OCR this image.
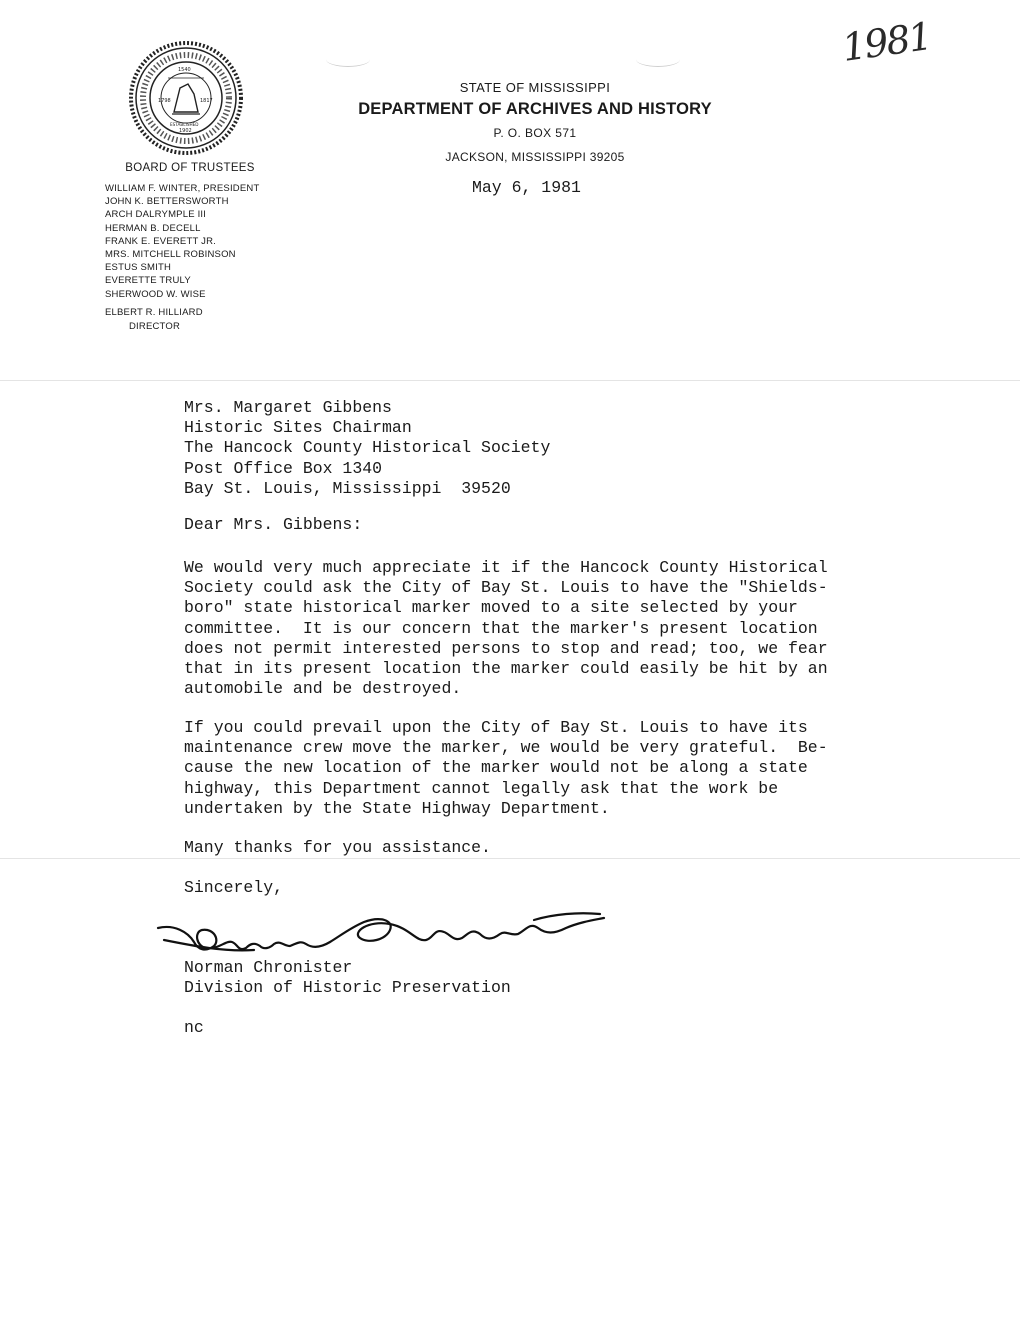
1981
1540
1798	1817
ESTABLISHED
1902
BOARD OF TRUSTEES
WILLIAM F. WINTER, PRESIDENT
JOHN K. BETTERSWORTH
ARCH DALRYMPLE III
HERMAN B. DECELL
FRANK E. EVERETT JR.
MRS. MITCHELL ROBINSON
ESTUS SMITH
EVERETTE TRULY
SHERWOOD W. WISE
ELBERT R. HILLIARD
DIRECTOR
STATE OF MISSISSIPPI
DEPARTMENT OF ARCHIVES AND HISTORY
P. O. BOX 571
JACKSON, MISSISSIPPI 39205
May 6, 1981
Mrs. Margaret Gibbens
Historic Sites Chairman
The Hancock County Historical Society
Post Office Box 1340
Bay St. Louis, Mississippi  39520
Dear Mrs. Gibbens:
We would very much appreciate it if the Hancock County Historical
Society could ask the City of Bay St. Louis to have the "Shields-
boro" state historical marker moved to a site selected by your
committee.  It is our concern that the marker's present location
does not permit interested persons to stop and read; too, we fear
that in its present location the marker could easily be hit by an
automobile and be destroyed.
If you could prevail upon the City of Bay St. Louis to have its
maintenance crew move the marker, we would be very grateful.  Be-
cause the new location of the marker would not be along a state
highway, this Department cannot legally ask that the work be
undertaken by the State Highway Department.
Many thanks for you assistance.
Sincerely,
Norman Chronister
Division of Historic Preservation
nc
